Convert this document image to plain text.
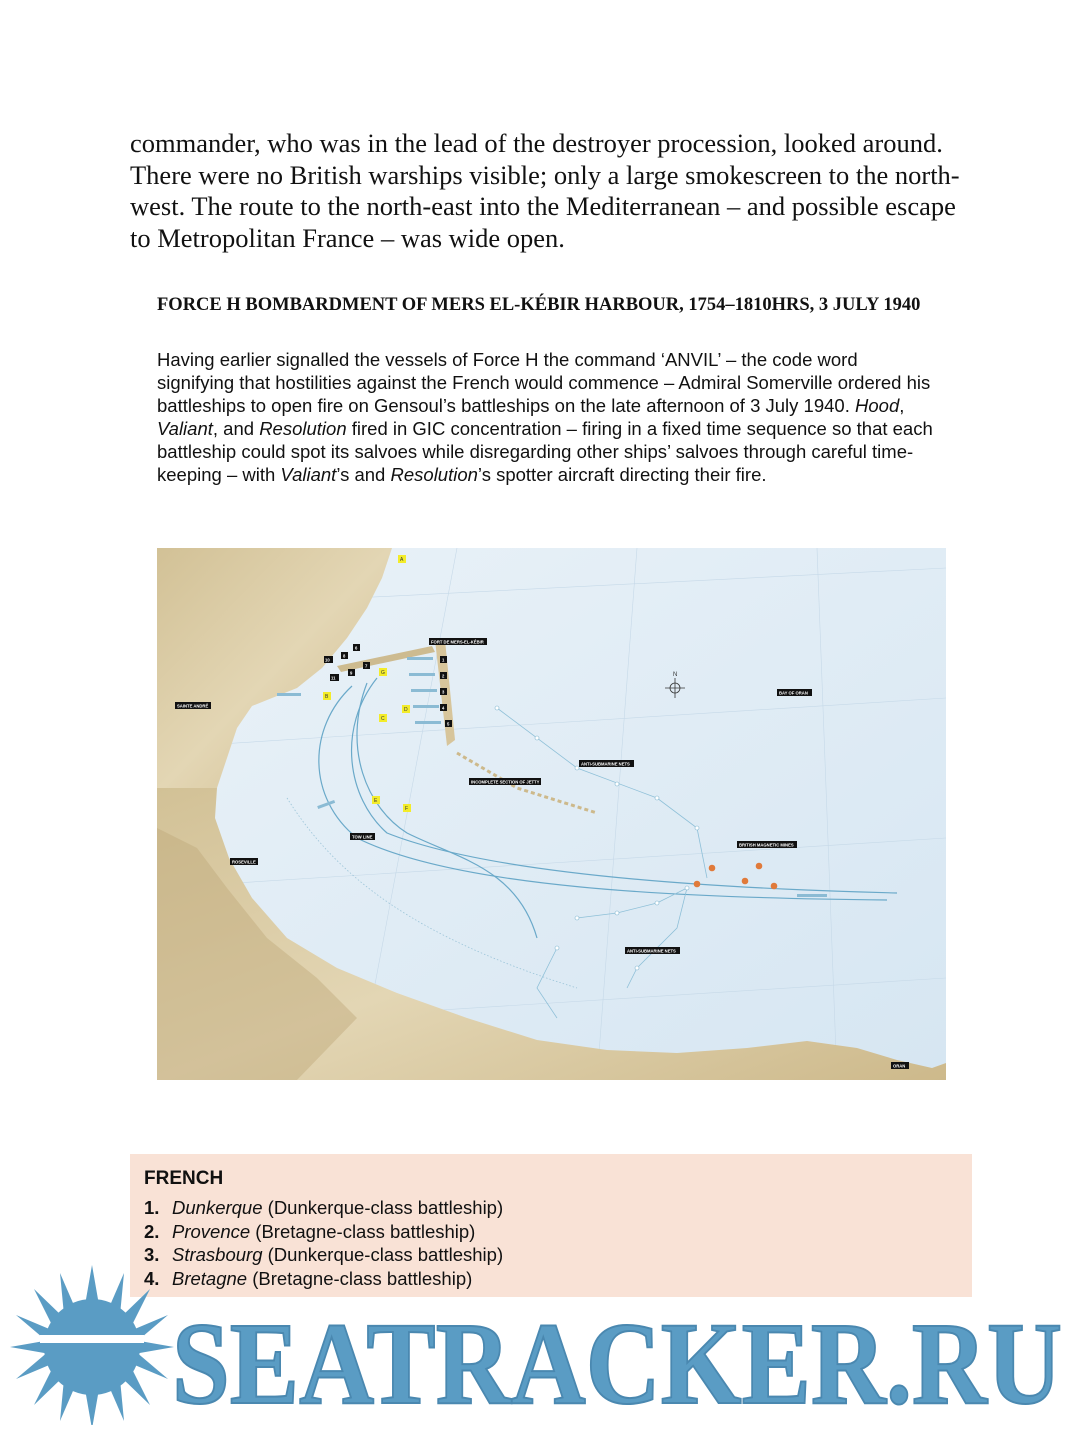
commander, who was in the lead of the destroyer procession, looked around. There were no British warships visible; only a large smokescreen to the north-west. The route to the north-east into the Mediterranean – and possible escape to Metropolitan France – was wide open.

FORCE H BOMBARDMENT OF MERS EL-KÉBIR HARBOUR, 1754–1810HRS, 3 JULY 1940
Having earlier signalled the vessels of Force H the command ‘ANVIL’ – the code word signifying that hostilities against the French would commence – Admiral Somerville ordered his battleships to open fire on Gensoul’s battleships on the late afternoon of 3 July 1940. Hood, Valiant, and Resolution fired in GIC concentration – firing in a fixed time sequence so that each battleship could spot its salvoes while disregarding other ships’ salvoes through careful time-keeping – with Valiant’s and Resolution’s spotter aircraft directing their fire.
N
FORT DE MERS-EL-KÉBIR
SAINTE ANDRÉ
BAY OF ORAN
ANTI-SUBMARINE NETS
INCOMPLETE SECTION OF JETTY
TOW LINE
ROSEVILLE
BRITISH MAGNETIC MINES
ANTI-SUBMARINE NETS
ORAN
1
2
3
4
5
6
7
8
9
10
11
A
B
C
D
E
F
G
FRENCH
1. Dunkerque (Dunkerque-class battleship)
2. Provence (Bretagne-class battleship)
3. Strasbourg (Dunkerque-class battleship)
4. Bretagne (Bretagne-class battleship)
SEATRACKER.RU
